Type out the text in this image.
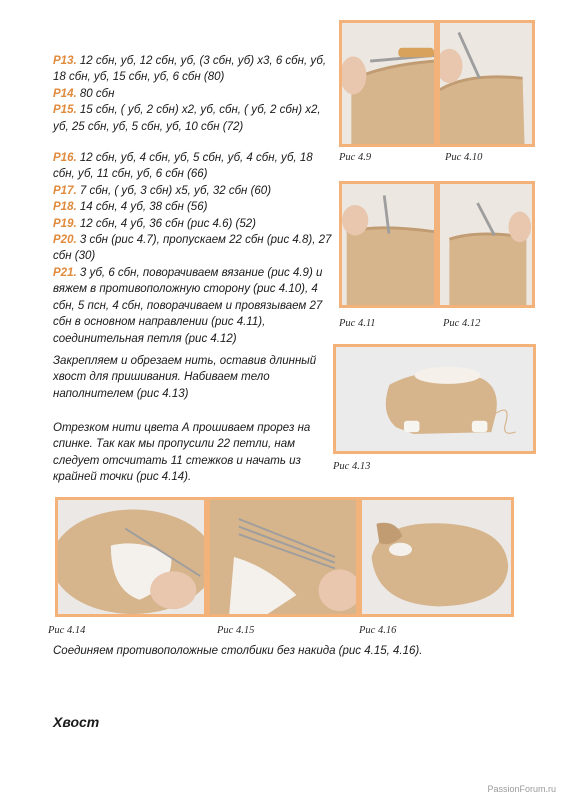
Р13. 12 сбн, уб, 12 сбн, уб, (3 сбн, уб) х3, 6 сбн, уб, 18 сбн, уб, 15 сбн, уб, 6 сбн (80)

Р14. 80 сбн

Р15. 15 сбн, ( уб, 2 сбн) х2, уб, сбн, ( уб, 2 сбн) х2, уб, 25 сбн, уб, 5 сбн, уб, 10 сбн (72)

Р16. 12 сбн, уб, 4 сбн, уб, 5 сбн, уб, 4 сбн, уб, 18 сбн, уб, 11 сбн, уб, 6 сбн (66)

Р17. 7 сбн, ( уб, 3 сбн) х5, уб, 32 сбн (60)

Р18. 14 сбн, 4 уб, 38 сбн (56)

Р19. 12 сбн, 4 уб, 36 сбн (рис 4.6) (52)

Р20. 3 сбн (рис 4.7), пропускаем 22 сбн (рис 4.8), 27 сбн (30)

Р21. 3 уб, 6 сбн, поворачиваем вязание (рис 4.9) и вяжем в противоположную сторону (рис 4.10), 4 сбн, 5 псн, 4 сбн, поворачиваем и провязываем 27 сбн в основном направлении (рис 4.11), соединительная петля (рис 4.12)

Закрепляем и обрезаем нить, оставив длинный хвост для пришивания. Набиваем тело наполнителем (рис 4.13)

Отрезком нити цвета А прошиваем прорез на спинке. Так как мы пропусили 22 петли, нам следует отсчитать 11 стежков и начать из крайней точки (рис 4.14).

Соединяем противоположные столбики без накида (рис 4.15, 4.16).

Рис 4.9	Рис 4.10
Рис 4.11	Рис 4.12
Рис 4.13
Рис 4.14	Рис 4.15	Рис 4.16
Хвост
PassionForum.ru
